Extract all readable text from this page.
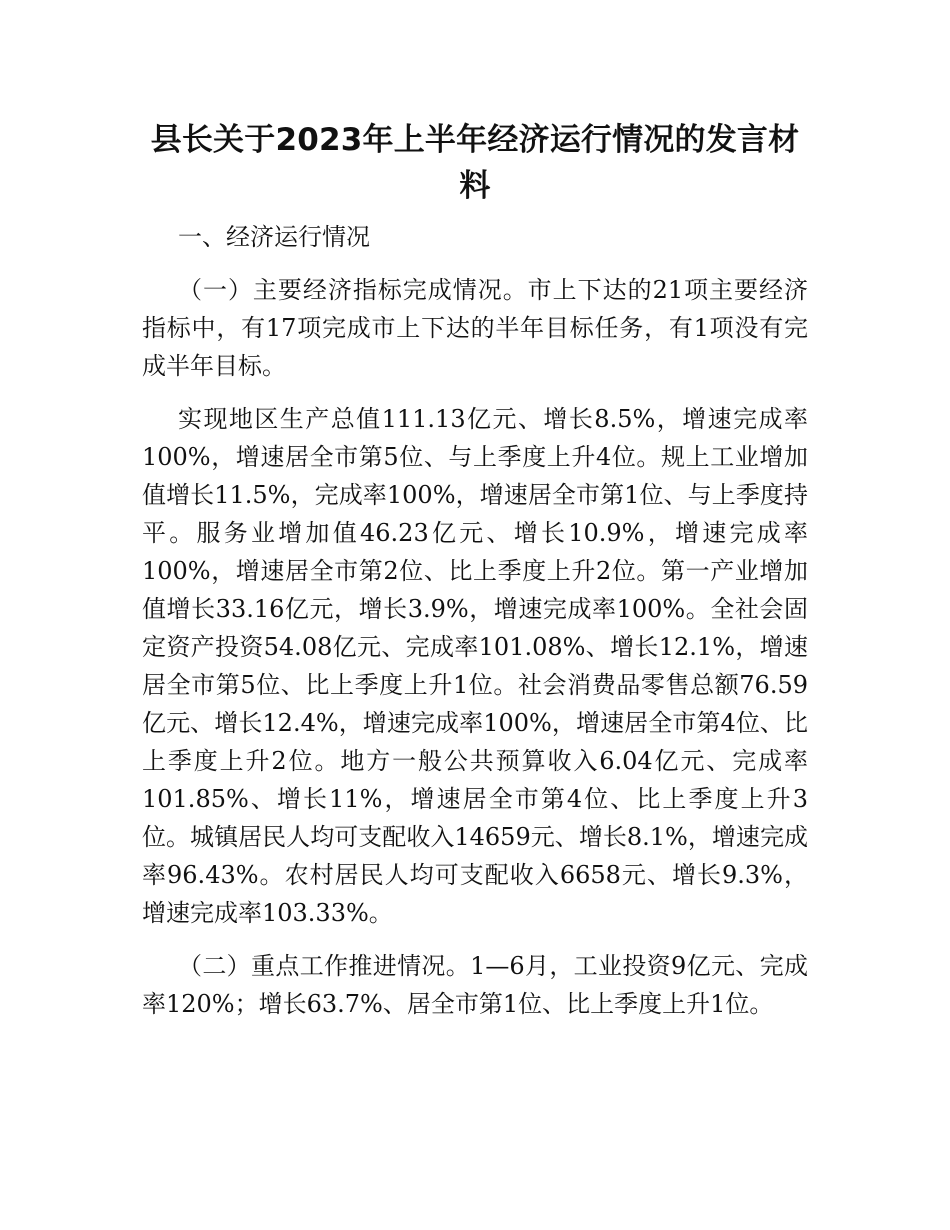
县长关于2023年上半年经济运行情况的发言材料

一、经济运行情况

（一）主要经济指标完成情况。市上下达的21项主要经济指标中，有17项完成市上下达的半年目标任务，有1项没有完成半年目标。

实现地区生产总值111.13亿元、增长8.5%，增速完成率100%，增速居全市第5位、与上季度上升4位。规上工业增加值增长11.5%，完成率100%，增速居全市第1位、与上季度持平。服务业增加值46.23亿元、增长10.9%，增速完成率100%，增速居全市第2位、比上季度上升2位。第一产业增加值增长33.16亿元，增长3.9%，增速完成率100%。全社会固定资产投资54.08亿元、完成率101.08%、增长12.1%，增速居全市第5位、比上季度上升1位。社会消费品零售总额76.59亿元、增长12.4%，增速完成率100%，增速居全市第4位、比上季度上升2位。地方一般公共预算收入6.04亿元、完成率101.85%、增长11%，增速居全市第4位、比上季度上升3位。城镇居民人均可支配收入14659元、增长8.1%，增速完成率96.43%。农村居民人均可支配收入6658元、增长9.3%，增速完成率103.33%。

（二）重点工作推进情况。1—6月，工业投资9亿元、完成率120%；增长63.7%、居全市第1位、比上季度上升1位。
